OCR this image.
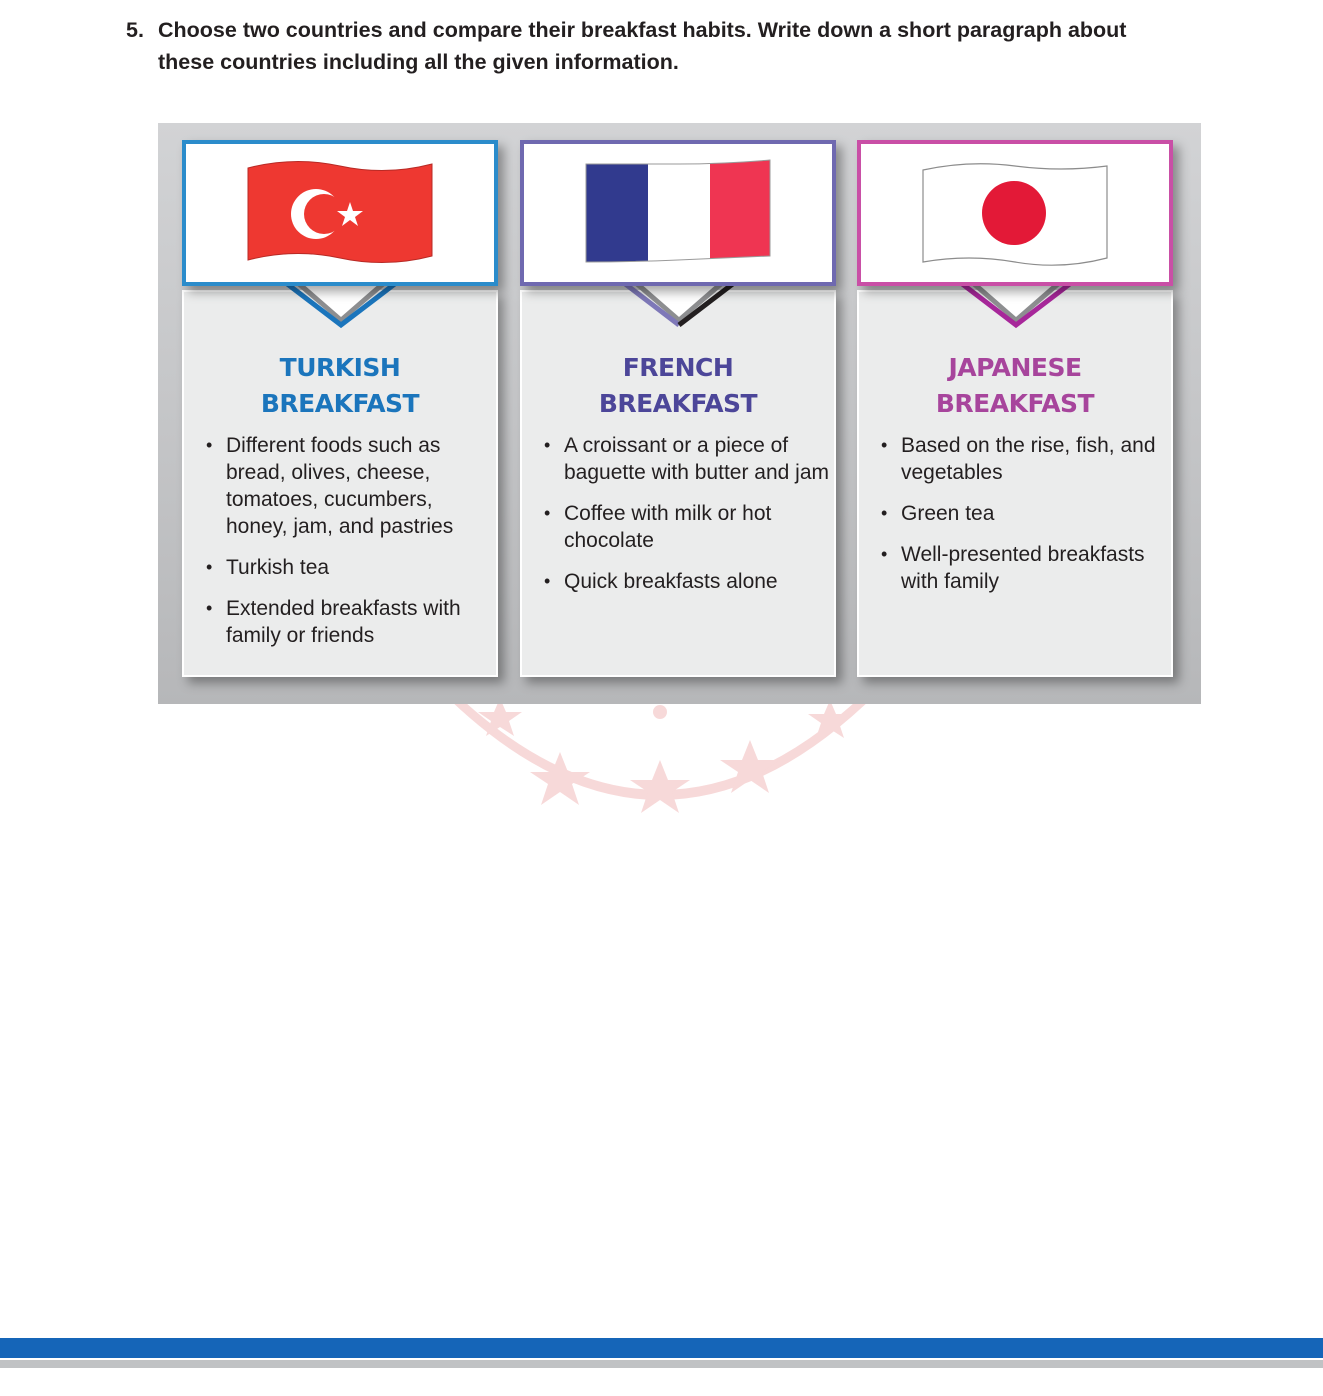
5. Choose two countries and compare their breakfast habits. Write down a short paragraph about these countries including all the given information.
TURKISH
BREAKFAST
• Different foods such as bread, olives, cheese, tomatoes, cucumbers, honey, jam, and pastries
• Turkish tea
• Extended breakfasts with family or friends
FRENCH
BREAKFAST
• A croissant or a piece of baguette with butter and jam
• Coffee with milk or hot chocolate
• Quick breakfasts alone
JAPANESE
BREAKFAST
• Based on the rise, fish, and vegetables
• Green tea
• Well-presented breakfasts with family
